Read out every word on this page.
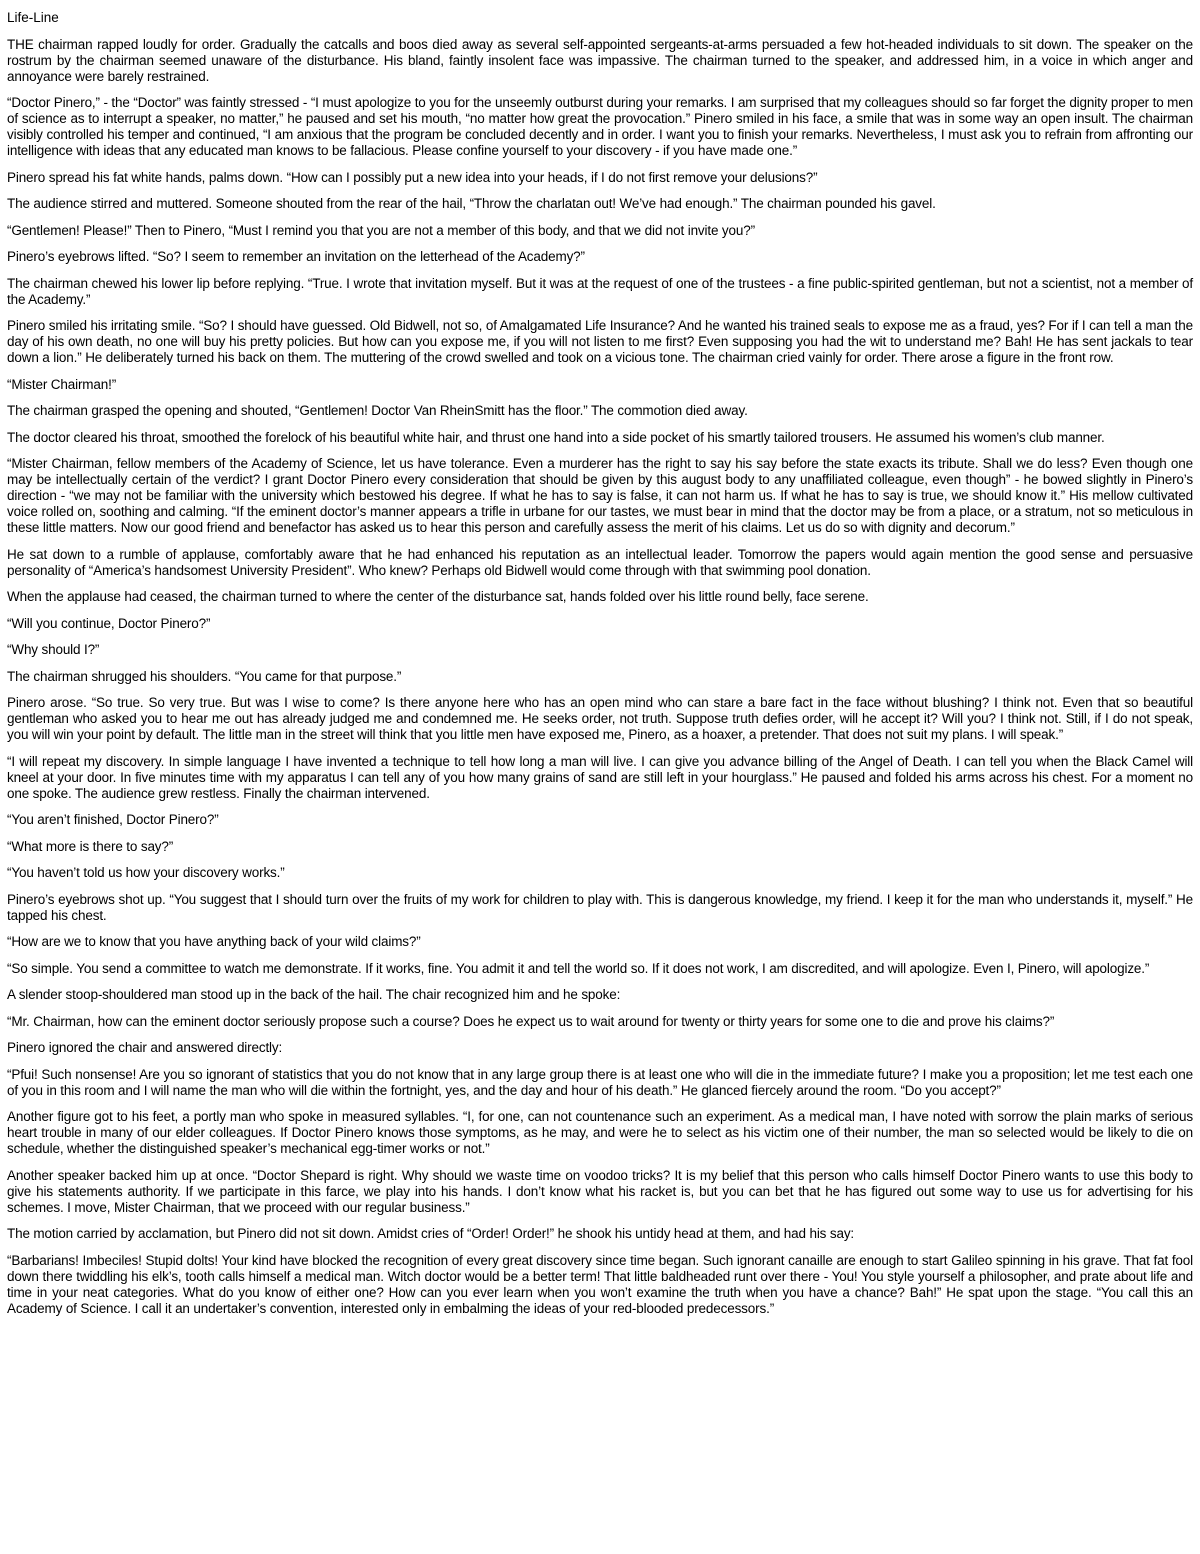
Life-Line

THE chairman rapped loudly for order. Gradually the catcalls and boos died away as several self-appointed sergeants-at-arms persuaded a few hot-headed individuals to sit down. The speaker on the rostrum by the chairman seemed unaware of the disturbance. His bland, faintly insolent face was impassive. The chairman turned to the speaker, and addressed him, in a voice in which anger and annoyance were barely restrained.

“Doctor Pinero,” - the “Doctor” was faintly stressed - “I must apologize to you for the unseemly outburst during your remarks. I am surprised that my colleagues should so far forget the dignity proper to men of science as to interrupt a speaker, no matter,” he paused and set his mouth, “no matter how great the provocation.” Pinero smiled in his face, a smile that was in some way an open insult. The chairman visibly controlled his temper and continued, “I am anxious that the program be concluded decently and in order. I want you to finish your remarks. Nevertheless, I must ask you to refrain from affronting our intelligence with ideas that any educated man knows to be fallacious. Please confine yourself to your discovery - if you have made one.”

Pinero spread his fat white hands, palms down. “How can I possibly put a new idea into your heads, if I do not first remove your delusions?”

The audience stirred and muttered. Someone shouted from the rear of the hail, “Throw the charlatan out! We’ve had enough.” The chairman pounded his gavel.

“Gentlemen! Please!” Then to Pinero, “Must I remind you that you are not a member of this body, and that we did not invite you?”

Pinero’s eyebrows lifted. “So? I seem to remember an invitation on the letterhead of the Academy?”

The chairman chewed his lower lip before replying. “True. I wrote that invitation myself. But it was at the request of one of the trustees - a fine public-spirited gentleman, but not a scientist, not a member of the Academy.”

Pinero smiled his irritating smile. “So? I should have guessed. Old Bidwell, not so, of Amalgamated Life Insurance? And he wanted his trained seals to expose me as a fraud, yes? For if I can tell a man the day of his own death, no one will buy his pretty policies. But how can you expose me, if you will not listen to me first? Even supposing you had the wit to understand me? Bah! He has sent jackals to tear down a lion.” He deliberately turned his back on them. The muttering of the crowd swelled and took on a vicious tone. The chairman cried vainly for order. There arose a figure in the front row.

“Mister Chairman!”

The chairman grasped the opening and shouted, “Gentlemen! Doctor Van RheinSmitt has the floor.” The commotion died away.

The doctor cleared his throat, smoothed the forelock of his beautiful white hair, and thrust one hand into a side pocket of his smartly tailored trousers. He assumed his women’s club manner.

“Mister Chairman, fellow members of the Academy of Science, let us have tolerance. Even a murderer has the right to say his say before the state exacts its tribute. Shall we do less? Even though one may be intellectually certain of the verdict? I grant Doctor Pinero every consideration that should be given by this august body to any unaffiliated colleague, even though” - he bowed slightly in Pinero’s direction - “we may not be familiar with the university which bestowed his degree. If what he has to say is false, it can not harm us. If what he has to say is true, we should know it.” His mellow cultivated voice rolled on, soothing and calming. “If the eminent doctor’s manner appears a trifle in urbane for our tastes, we must bear in mind that the doctor may be from a place, or a stratum, not so meticulous in these little matters. Now our good friend and benefactor has asked us to hear this person and carefully assess the merit of his claims. Let us do so with dignity and decorum.”

He sat down to a rumble of applause, comfortably aware that he had enhanced his reputation as an intellectual leader. Tomorrow the papers would again mention the good sense and persuasive personality of “America’s handsomest University President”. Who knew? Perhaps old Bidwell would come through with that swimming pool donation.

When the applause had ceased, the chairman turned to where the center of the disturbance sat, hands folded over his little round belly, face serene.

“Will you continue, Doctor Pinero?”

“Why should I?”

The chairman shrugged his shoulders. “You came for that purpose.”

Pinero arose. “So true. So very true. But was I wise to come? Is there anyone here who has an open mind who can stare a bare fact in the face without blushing? I think not. Even that so beautiful gentleman who asked you to hear me out has already judged me and condemned me. He seeks order, not truth. Suppose truth defies order, will he accept it? Will you? I think not. Still, if I do not speak, you will win your point by default. The little man in the street will think that you little men have exposed me, Pinero, as a hoaxer, a pretender. That does not suit my plans. I will speak.”

“I will repeat my discovery. In simple language I have invented a technique to tell how long a man will live. I can give you advance billing of the Angel of Death. I can tell you when the Black Camel will kneel at your door. In five minutes time with my apparatus I can tell any of you how many grains of sand are still left in your hourglass.” He paused and folded his arms across his chest. For a moment no one spoke. The audience grew restless. Finally the chairman intervened.

“You aren’t finished, Doctor Pinero?”

“What more is there to say?”

“You haven’t told us how your discovery works.”

Pinero’s eyebrows shot up. “You suggest that I should turn over the fruits of my work for children to play with. This is dangerous knowledge, my friend. I keep it for the man who understands it, myself.” He tapped his chest.

“How are we to know that you have anything back of your wild claims?”

“So simple. You send a committee to watch me demonstrate. If it works, fine. You admit it and tell the world so. If it does not work, I am discredited, and will apologize. Even I, Pinero, will apologize.”

A slender stoop-shouldered man stood up in the back of the hail. The chair recognized him and he spoke:

“Mr. Chairman, how can the eminent doctor seriously propose such a course? Does he expect us to wait around for twenty or thirty years for some one to die and prove his claims?”

Pinero ignored the chair and answered directly:

“Pfui! Such nonsense! Are you so ignorant of statistics that you do not know that in any large group there is at least one who will die in the immediate future? I make you a proposition; let me test each one of you in this room and I will name the man who will die within the fortnight, yes, and the day and hour of his death.” He glanced fiercely around the room. “Do you accept?”

Another figure got to his feet, a portly man who spoke in measured syllables. “I, for one, can not countenance such an experiment. As a medical man, I have noted with sorrow the plain marks of serious heart trouble in many of our elder colleagues. If Doctor Pinero knows those symptoms, as he may, and were he to select as his victim one of their number, the man so selected would be likely to die on schedule, whether the distinguished speaker’s mechanical egg-timer works or not.”

Another speaker backed him up at once. “Doctor Shepard is right. Why should we waste time on voodoo tricks? It is my belief that this person who calls himself Doctor Pinero wants to use this body to give his statements authority. If we participate in this farce, we play into his hands. I don’t know what his racket is, but you can bet that he has figured out some way to use us for advertising for his schemes. I move, Mister Chairman, that we proceed with our regular business.”

The motion carried by acclamation, but Pinero did not sit down. Amidst cries of “Order! Order!” he shook his untidy head at them, and had his say:

“Barbarians! Imbeciles! Stupid dolts! Your kind have blocked the recognition of every great discovery since time began. Such ignorant canaille are enough to start Galileo spinning in his grave. That fat fool down there twiddling his elk’s, tooth calls himself a medical man. Witch doctor would be a better term! That little baldheaded runt over there - You! You style yourself a philosopher, and prate about life and time in your neat categories. What do you know of either one? How can you ever learn when you won’t examine the truth when you have a chance? Bah!” He spat upon the stage. “You call this an Academy of Science. I call it an undertaker’s convention, interested only in embalming the ideas of your red-blooded predecessors.”
